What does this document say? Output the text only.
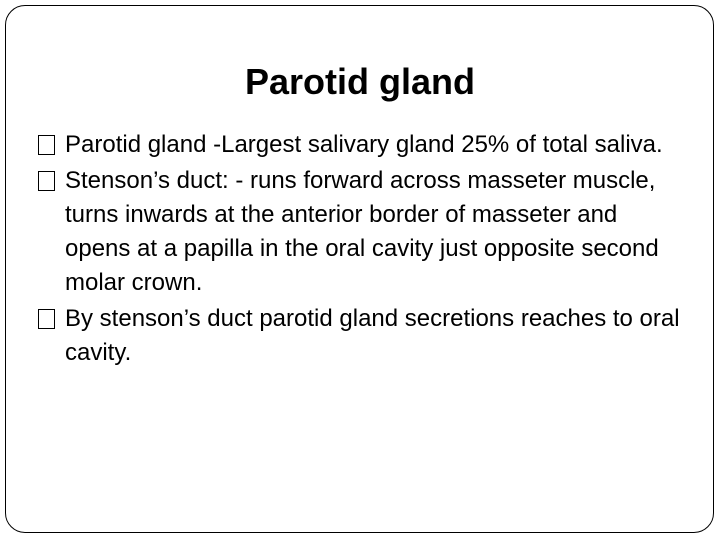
Parotid gland
Parotid gland -Largest salivary gland 25% of total saliva.
Stenson’s duct: - runs forward across masseter muscle, turns inwards at the anterior border of masseter and opens at a papilla in the oral cavity just opposite second molar crown.
By stenson’s duct parotid gland secretions reaches to oral cavity.
